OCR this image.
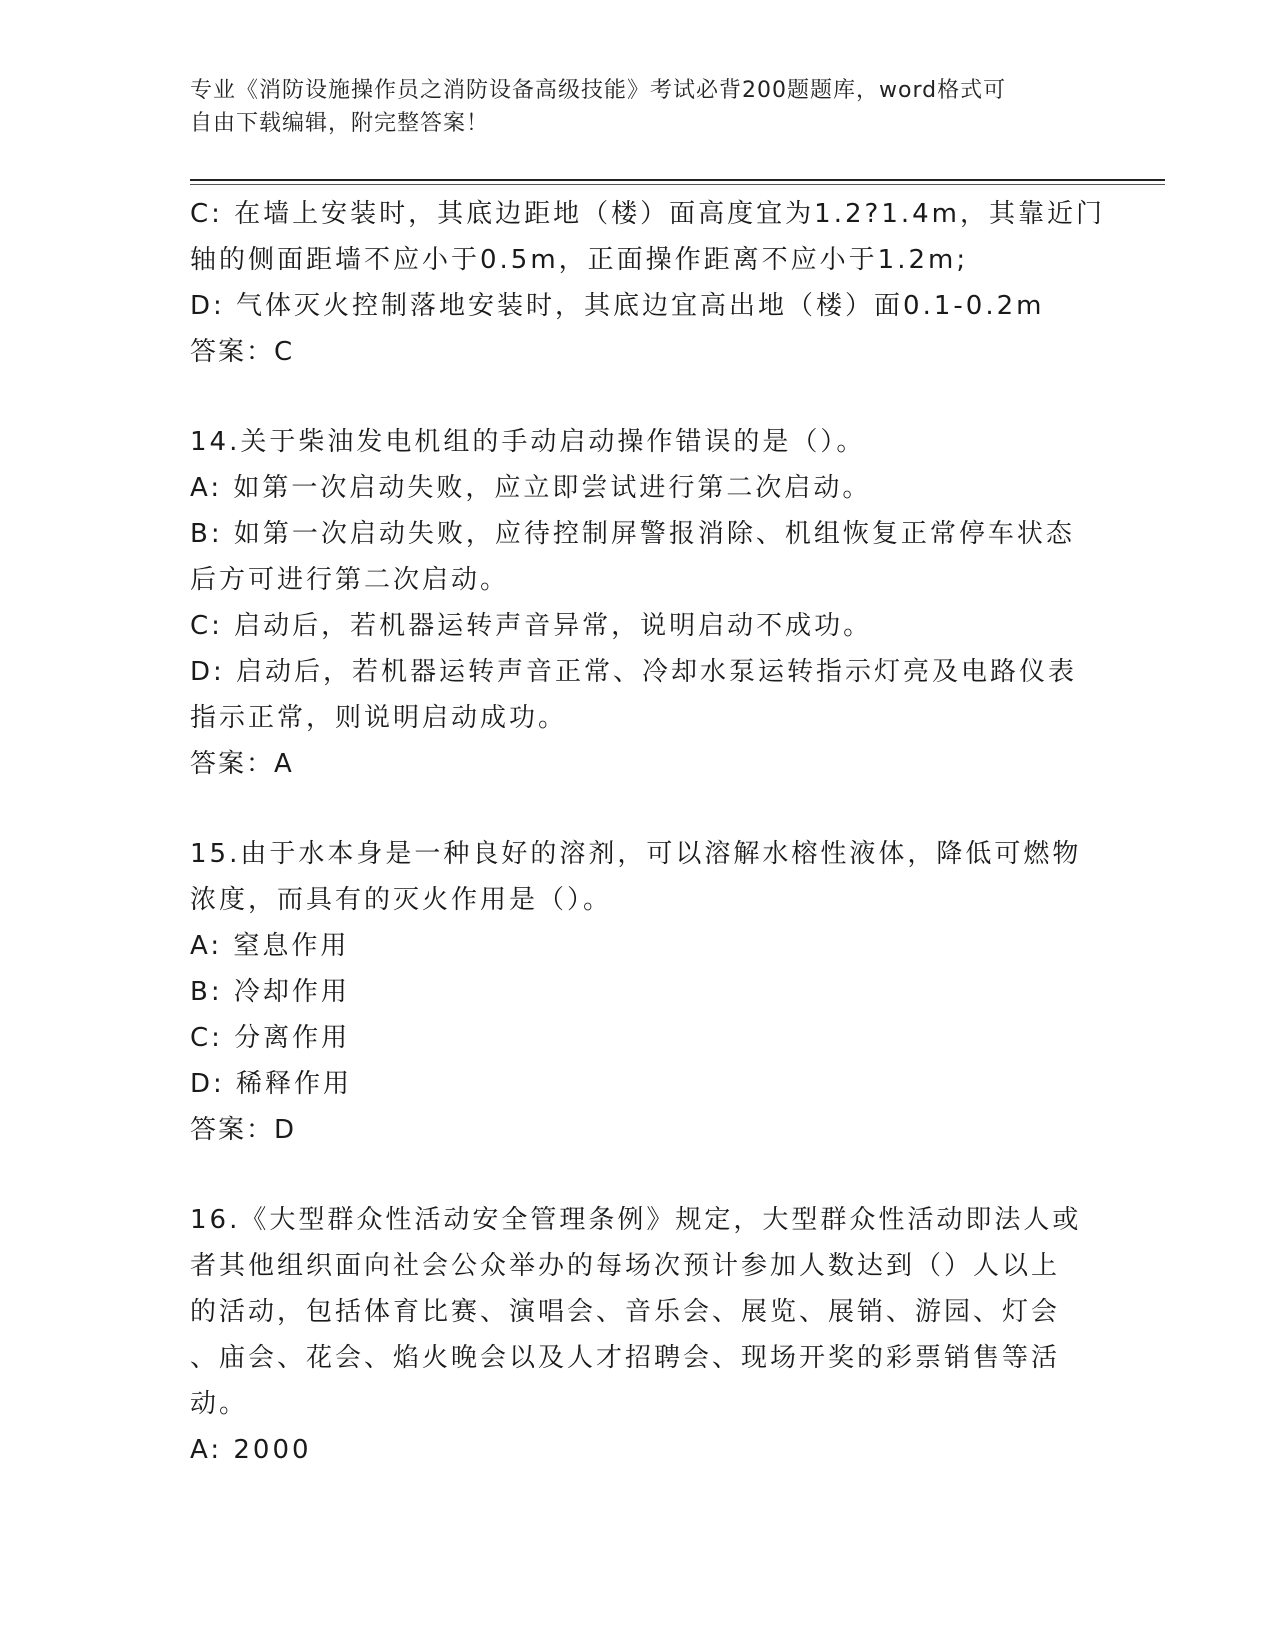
专业《消防设施操作员之消防设备高级技能》考试必背200题题库，word格式可
自由下载编辑，附完整答案！
C: 在墙上安装时，其底边距地（楼）面高度宜为1.2?1.4m，其靠近门
轴的侧面距墙不应小于0.5m，正面操作距离不应小于1.2m;
D: 气体灭火控制落地安装时，其底边宜高出地（楼）面0.1-0.2m
答案：C
14.关于柴油发电机组的手动启动操作错误的是（）。
A: 如第一次启动失败，应立即尝试进行第二次启动。
B: 如第一次启动失败，应待控制屏警报消除、机组恢复正常停车状态
后方可进行第二次启动。
C: 启动后，若机器运转声音异常，说明启动不成功。
D: 启动后，若机器运转声音正常、冷却水泵运转指示灯亮及电路仪表
指示正常，则说明启动成功。
答案：A
15.由于水本身是一种良好的溶剂，可以溶解水榕性液体，降低可燃物
浓度，而具有的灭火作用是（）。
A: 窒息作用
B: 冷却作用
C: 分离作用
D: 稀释作用
答案：D
16.《大型群众性活动安全管理条例》规定，大型群众性活动即法人或
者其他组织面向社会公众举办的每场次预计参加人数达到（）人以上
的活动，包括体育比赛、演唱会、音乐会、展览、展销、游园、灯会
、庙会、花会、焰火晚会以及人才招聘会、现场开奖的彩票销售等活
动。
A: 2000
